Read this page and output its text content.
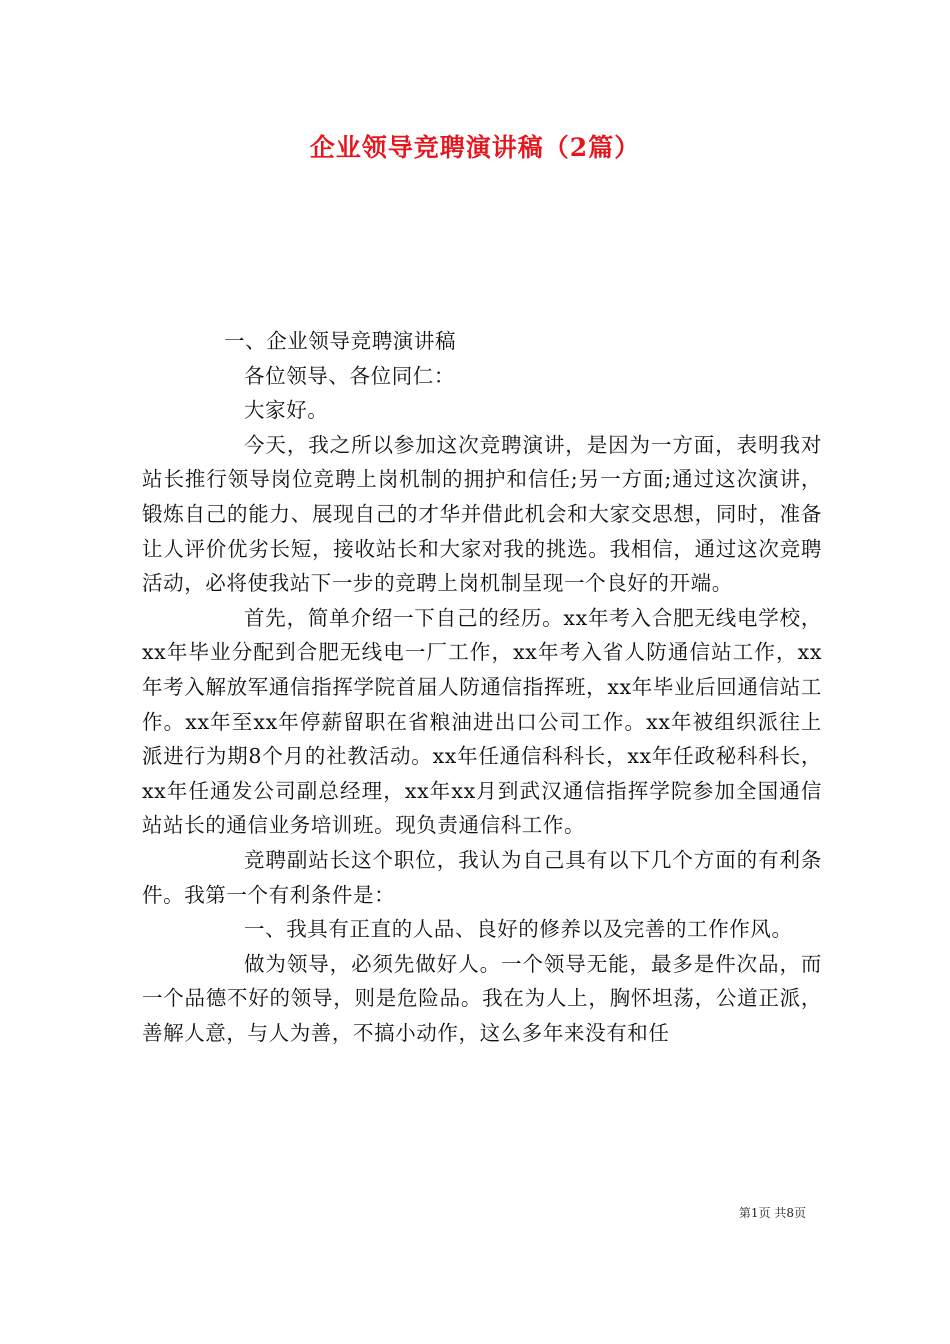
企业领导竞聘演讲稿（2篇）

一、企业领导竞聘演讲稿

各位领导、各位同仁：

大家好。

今天，我之所以参加这次竞聘演讲，是因为一方面，表明我对站长推行领导岗位竞聘上岗机制的拥护和信任;另一方面;通过这次演讲，锻炼自己的能力、展现自己的才华并借此机会和大家交思想，同时，准备让人评价优劣长短，接收站长和大家对我的挑选。我相信，通过这次竞聘活动，必将使我站下一步的竞聘上岗机制呈现一个良好的开端。

首先，简单介绍一下自己的经历。xx年考入合肥无线电学校，xx年毕业分配到合肥无线电一厂工作，xx年考入省人防通信站工作，xx年考入解放军通信指挥学院首届人防通信指挥班，xx年毕业后回通信站工作。xx年至xx年停薪留职在省粮油进出口公司工作。xx年被组织派往上派进行为期8个月的社教活动。xx年任通信科科长，xx年任政秘科科长，xx年任通发公司副总经理，xx年xx月到武汉通信指挥学院参加全国通信站站长的通信业务培训班。现负责通信科工作。

竞聘副站长这个职位，我认为自己具有以下几个方面的有利条件。我第一个有利条件是：

一、我具有正直的人品、良好的修养以及完善的工作作风。

做为领导，必须先做好人。一个领导无能，最多是件次品，而一个品德不好的领导，则是危险品。我在为人上，胸怀坦荡，公道正派，善解人意，与人为善，不搞小动作，这么多年来没有和任

第1页 共8页
